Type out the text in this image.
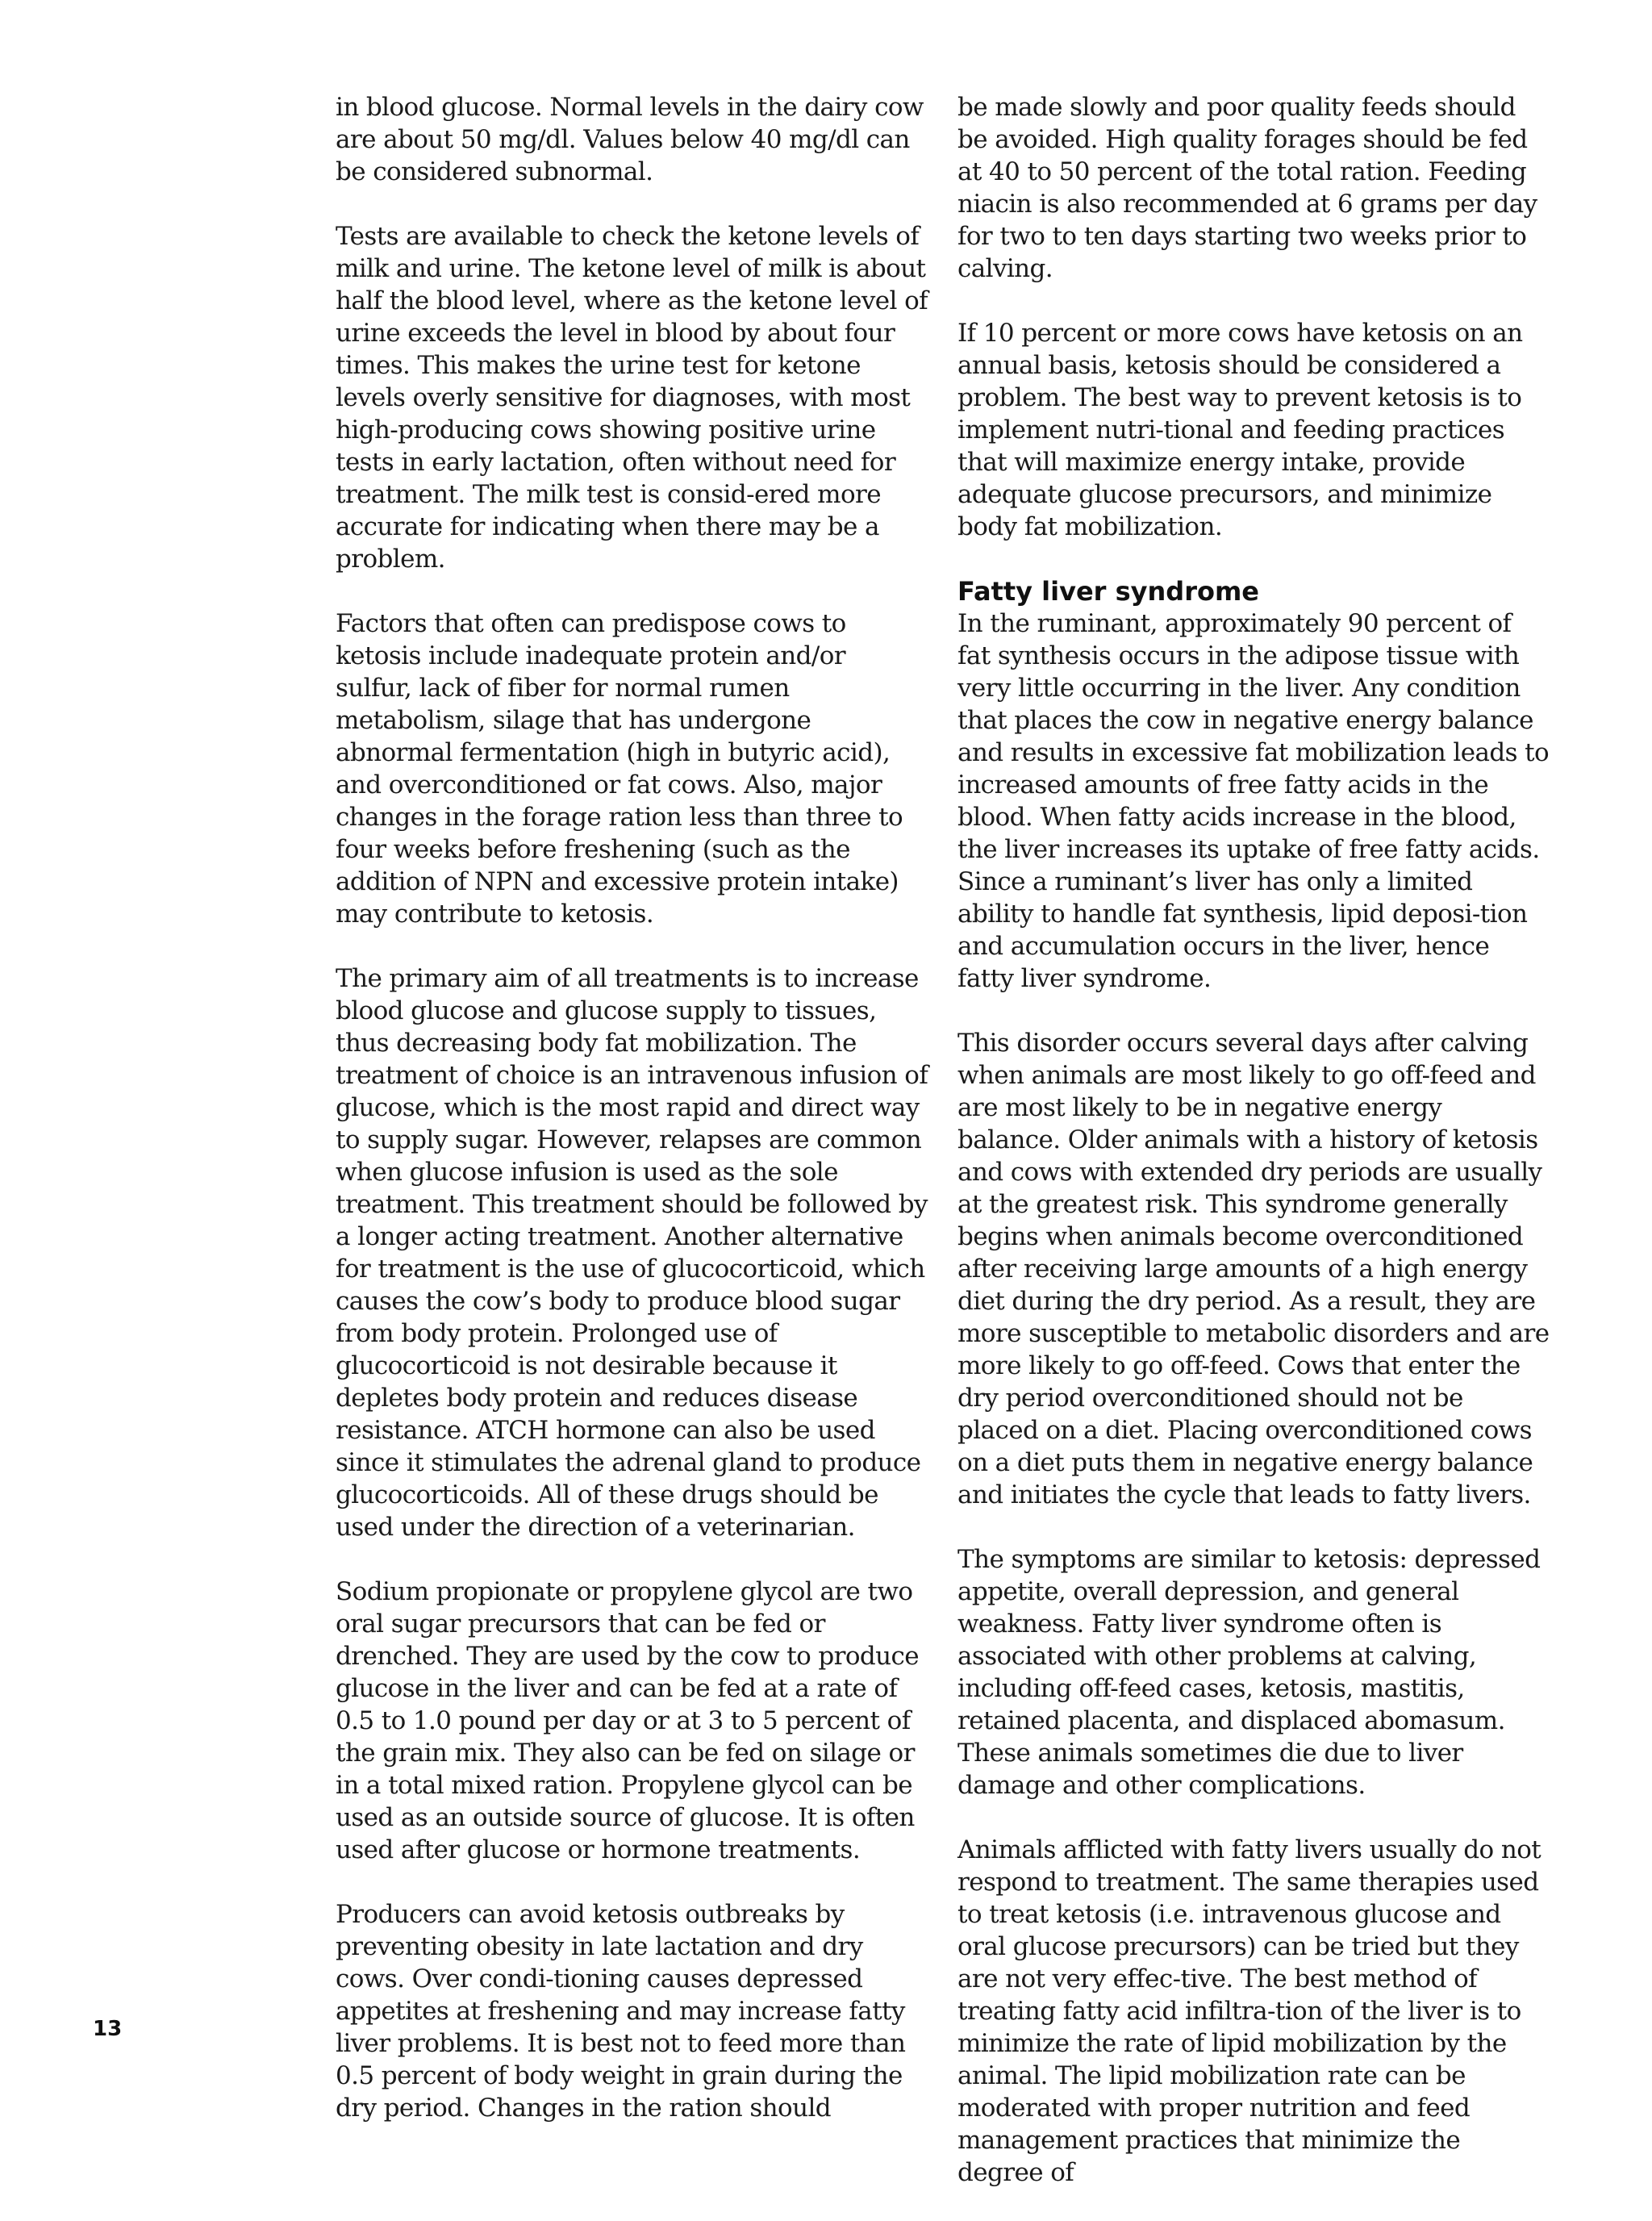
in blood glucose. Normal levels in the dairy cow are about 50 mg/dl. Values below 40 mg/dl can be considered subnormal.

Tests are available to check the ketone levels of milk and urine. The ketone level of milk is about half the blood level, where as the ketone level of urine exceeds the level in blood by about four times. This makes the urine test for ketone levels overly sensitive for diagnoses, with most high-producing cows showing positive urine tests in early lactation, often without need for treatment. The milk test is consid-ered more accurate for indicating when there may be a problem.

Factors that often can predispose cows to ketosis include inadequate protein and/or sulfur, lack of fiber for normal rumen metabolism, silage that has undergone abnormal fermentation (high in butyric acid), and overconditioned or fat cows. Also, major changes in the forage ration less than three to four weeks before freshening (such as the addition of NPN and excessive protein intake) may contribute to ketosis.

The primary aim of all treatments is to increase blood glucose and glucose supply to tissues, thus decreasing body fat mobilization. The treatment of choice is an intravenous infusion of glucose, which is the most rapid and direct way to supply sugar. However, relapses are common when glucose infusion is used as the sole treatment. This treatment should be followed by a longer acting treatment. Another alternative for treatment is the use of glucocorticoid, which causes the cow’s body to produce blood sugar from body protein. Prolonged use of glucocorticoid is not desirable because it depletes body protein and reduces disease resistance. ATCH hormone can also be used since it stimulates the adrenal gland to produce glucocorticoids. All of these drugs should be used under the direction of a veterinarian.

Sodium propionate or propylene glycol are two oral sugar precursors that can be fed or drenched. They are used by the cow to produce glucose in the liver and can be fed at a rate of 0.5 to 1.0 pound per day or at 3 to 5 percent of the grain mix. They also can be fed on silage or in a total mixed ration. Propylene glycol can be used as an outside source of glucose. It is often used after glucose or hormone treatments.

Producers can avoid ketosis outbreaks by preventing obesity in late lactation and dry cows. Over condi-tioning causes depressed appetites at freshening and may increase fatty liver problems. It is best not to feed more than 0.5 percent of body weight in grain during the dry period. Changes in the ration should

be made slowly and poor quality feeds should be avoided. High quality forages should be fed at 40 to 50 percent of the total ration. Feeding niacin is also recommended at 6 grams per day for two to ten days starting two weeks prior to calving.

If 10 percent or more cows have ketosis on an annual basis, ketosis should be considered a problem. The best way to prevent ketosis is to implement nutri-tional and feeding practices that will maximize energy intake, provide adequate glucose precursors, and minimize body fat mobilization.

Fatty liver syndrome

In the ruminant, approximately 90 percent of fat synthesis occurs in the adipose tissue with very little occurring in the liver. Any condition that places the cow in negative energy balance and results in excessive fat mobilization leads to increased amounts of free fatty acids in the blood. When fatty acids increase in the blood, the liver increases its uptake of free fatty acids. Since a ruminant’s liver has only a limited ability to handle fat synthesis, lipid deposi-tion and accumulation occurs in the liver, hence fatty liver syndrome.

This disorder occurs several days after calving when animals are most likely to go off-feed and are most likely to be in negative energy balance. Older animals with a history of ketosis and cows with extended dry periods are usually at the greatest risk. This syndrome generally begins when animals become overconditioned after receiving large amounts of a high energy diet during the dry period. As a result, they are more susceptible to metabolic disorders and are more likely to go off-feed. Cows that enter the dry period overconditioned should not be placed on a diet. Placing overconditioned cows on a diet puts them in negative energy balance and initiates the cycle that leads to fatty livers.

The symptoms are similar to ketosis: depressed appetite, overall depression, and general weakness. Fatty liver syndrome often is associated with other problems at calving, including off-feed cases, ketosis, mastitis, retained placenta, and displaced abomasum. These animals sometimes die due to liver damage and other complications.

Animals afflicted with fatty livers usually do not respond to treatment. The same therapies used to treat ketosis (i.e. intravenous glucose and oral glucose precursors) can be tried but they are not very effec-tive. The best method of treating fatty acid infiltra-tion of the liver is to minimize the rate of lipid mobilization by the animal. The lipid mobilization rate can be moderated with proper nutrition and feed management practices that minimize the degree of

13
